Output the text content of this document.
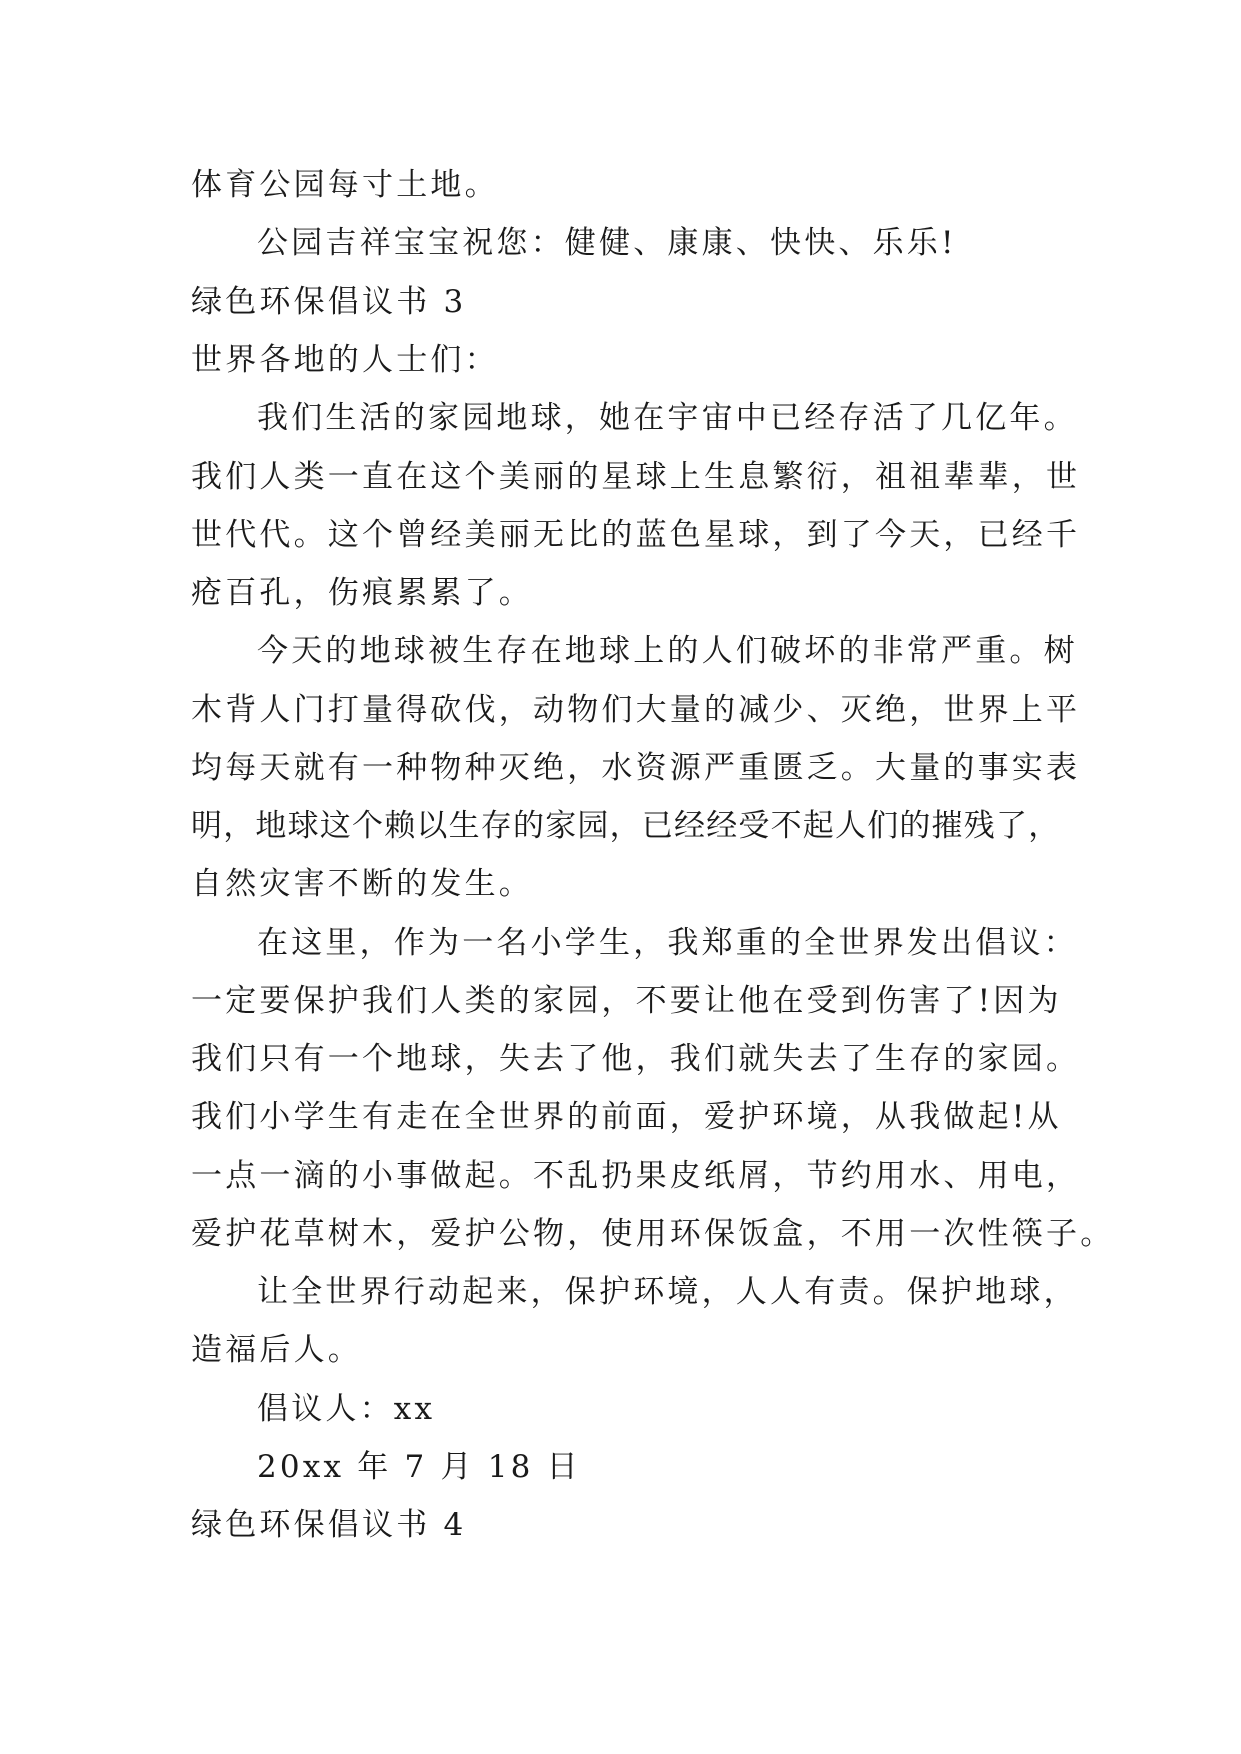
体育公园每寸土地。
公园吉祥宝宝祝您：健健、康康、快快、乐乐!
绿色环保倡议书 3
世界各地的人士们：
我们生活的家园地球，她在宇宙中已经存活了几亿年。
我们人类一直在这个美丽的星球上生息繁衍，祖祖辈辈，世
世代代。这个曾经美丽无比的蓝色星球，到了今天，已经千
疮百孔，伤痕累累了。
今天的地球被生存在地球上的人们破坏的非常严重。树
木背人门打量得砍伐，动物们大量的减少、灭绝，世界上平
均每天就有一种物种灭绝，水资源严重匮乏。大量的事实表
明，地球这个赖以生存的家园，已经经受不起人们的摧残了，
自然灾害不断的发生。
在这里，作为一名小学生，我郑重的全世界发出倡议：
一定要保护我们人类的家园，不要让他在受到伤害了!因为
我们只有一个地球，失去了他，我们就失去了生存的家园。
我们小学生有走在全世界的前面，爱护环境，从我做起!从
一点一滴的小事做起。不乱扔果皮纸屑，节约用水、用电，
爱护花草树木，爱护公物，使用环保饭盒，不用一次性筷子。
让全世界行动起来，保护环境，人人有责。保护地球，
造福后人。
倡议人：xx
20xx 年 7 月 18 日
绿色环保倡议书 4
